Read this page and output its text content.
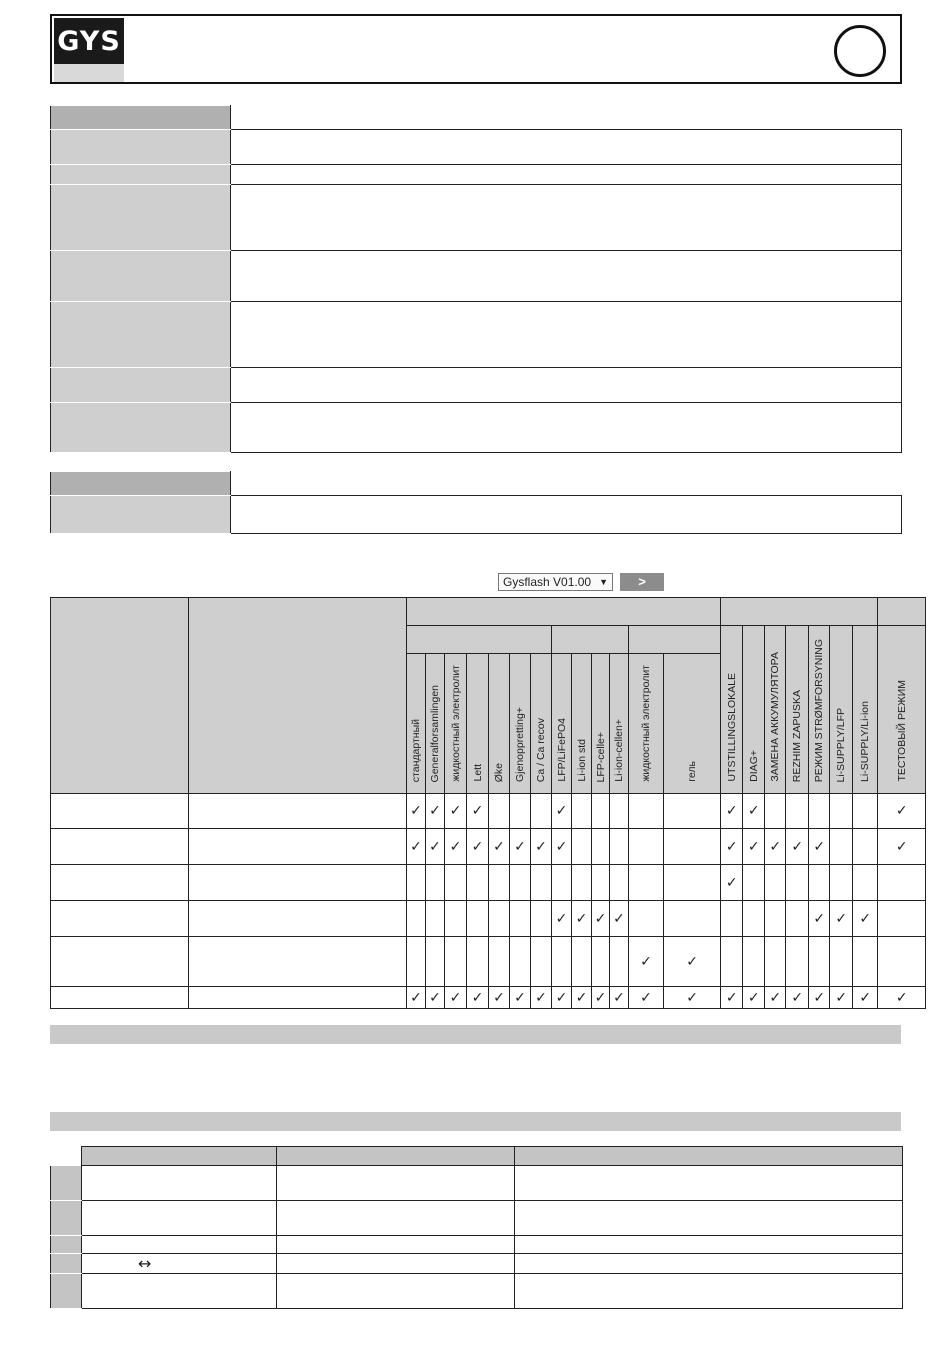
GYS

Gysflash V01.00 ▼	>

															UTSTILLINGSLOKALE	DIAG+	ЗАМЕНА АККУМУЛЯТОРА	REZHIM ZAPUSKA	РЕЖИМ STRØMFORSYNING	Li-SUPPLY/LFP	Li-SUPPLY/Li-ion	ТЕСТОВЫЙ РЕЖИМ
		стандартный	Generalforsamlingen	жидкостный электролит	Lett	Øke	Gjenoppretting+	Ca / Ca recov	LFP/LiFePO4	Li-ion std	LFP-celle+	Li-ion-cellen+	жидкостный электролит	гель								
		✓	✓	✓	✓				✓						✓	✓						✓
		✓	✓	✓	✓	✓	✓	✓	✓						✓	✓	✓	✓	✓			✓
															✓							
									✓	✓	✓	✓							✓	✓	✓	
													✓	✓								
		✓	✓	✓	✓	✓	✓	✓	✓	✓	✓	✓	✓	✓	✓	✓	✓	✓	✓	✓	✓	✓

	↔		
